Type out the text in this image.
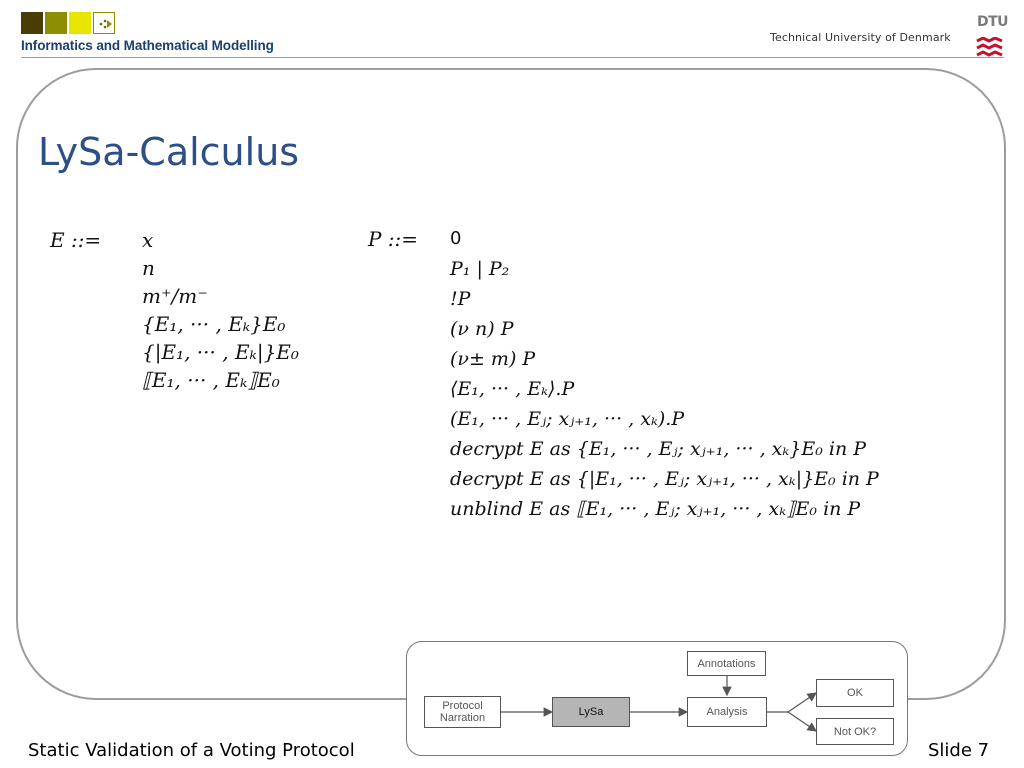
Informatics and Mathematical Modelling
Technical University of Denmark
DTU
LySa-Calculus
E ::= x
n
m⁺/m⁻
{E₁, ··· , Eₖ}E₀
{|E₁, ··· , Eₖ|}E₀
⟦E₁, ··· , Eₖ⟧E₀
P ::= 0
P₁ | P₂
!P
(ν n) P
(ν± m) P
⟨E₁, ··· , Eₖ⟩.P
(E₁, ··· , Eⱼ; xⱼ₊₁, ··· , xₖ).P
decrypt E as {E₁, ··· , Eⱼ; xⱼ₊₁, ··· , xₖ}E₀ in P
decrypt E as {|E₁, ··· , Eⱼ; xⱼ₊₁, ··· , xₖ|}E₀ in P
unblind E as ⟦E₁, ··· , Eⱼ; xⱼ₊₁, ··· , xₖ⟧E₀ in P
Protocol
Narration	LySa
Annotations
Analysis
OK
Not OK?
Static Validation of a Voting Protocol	Slide 7
